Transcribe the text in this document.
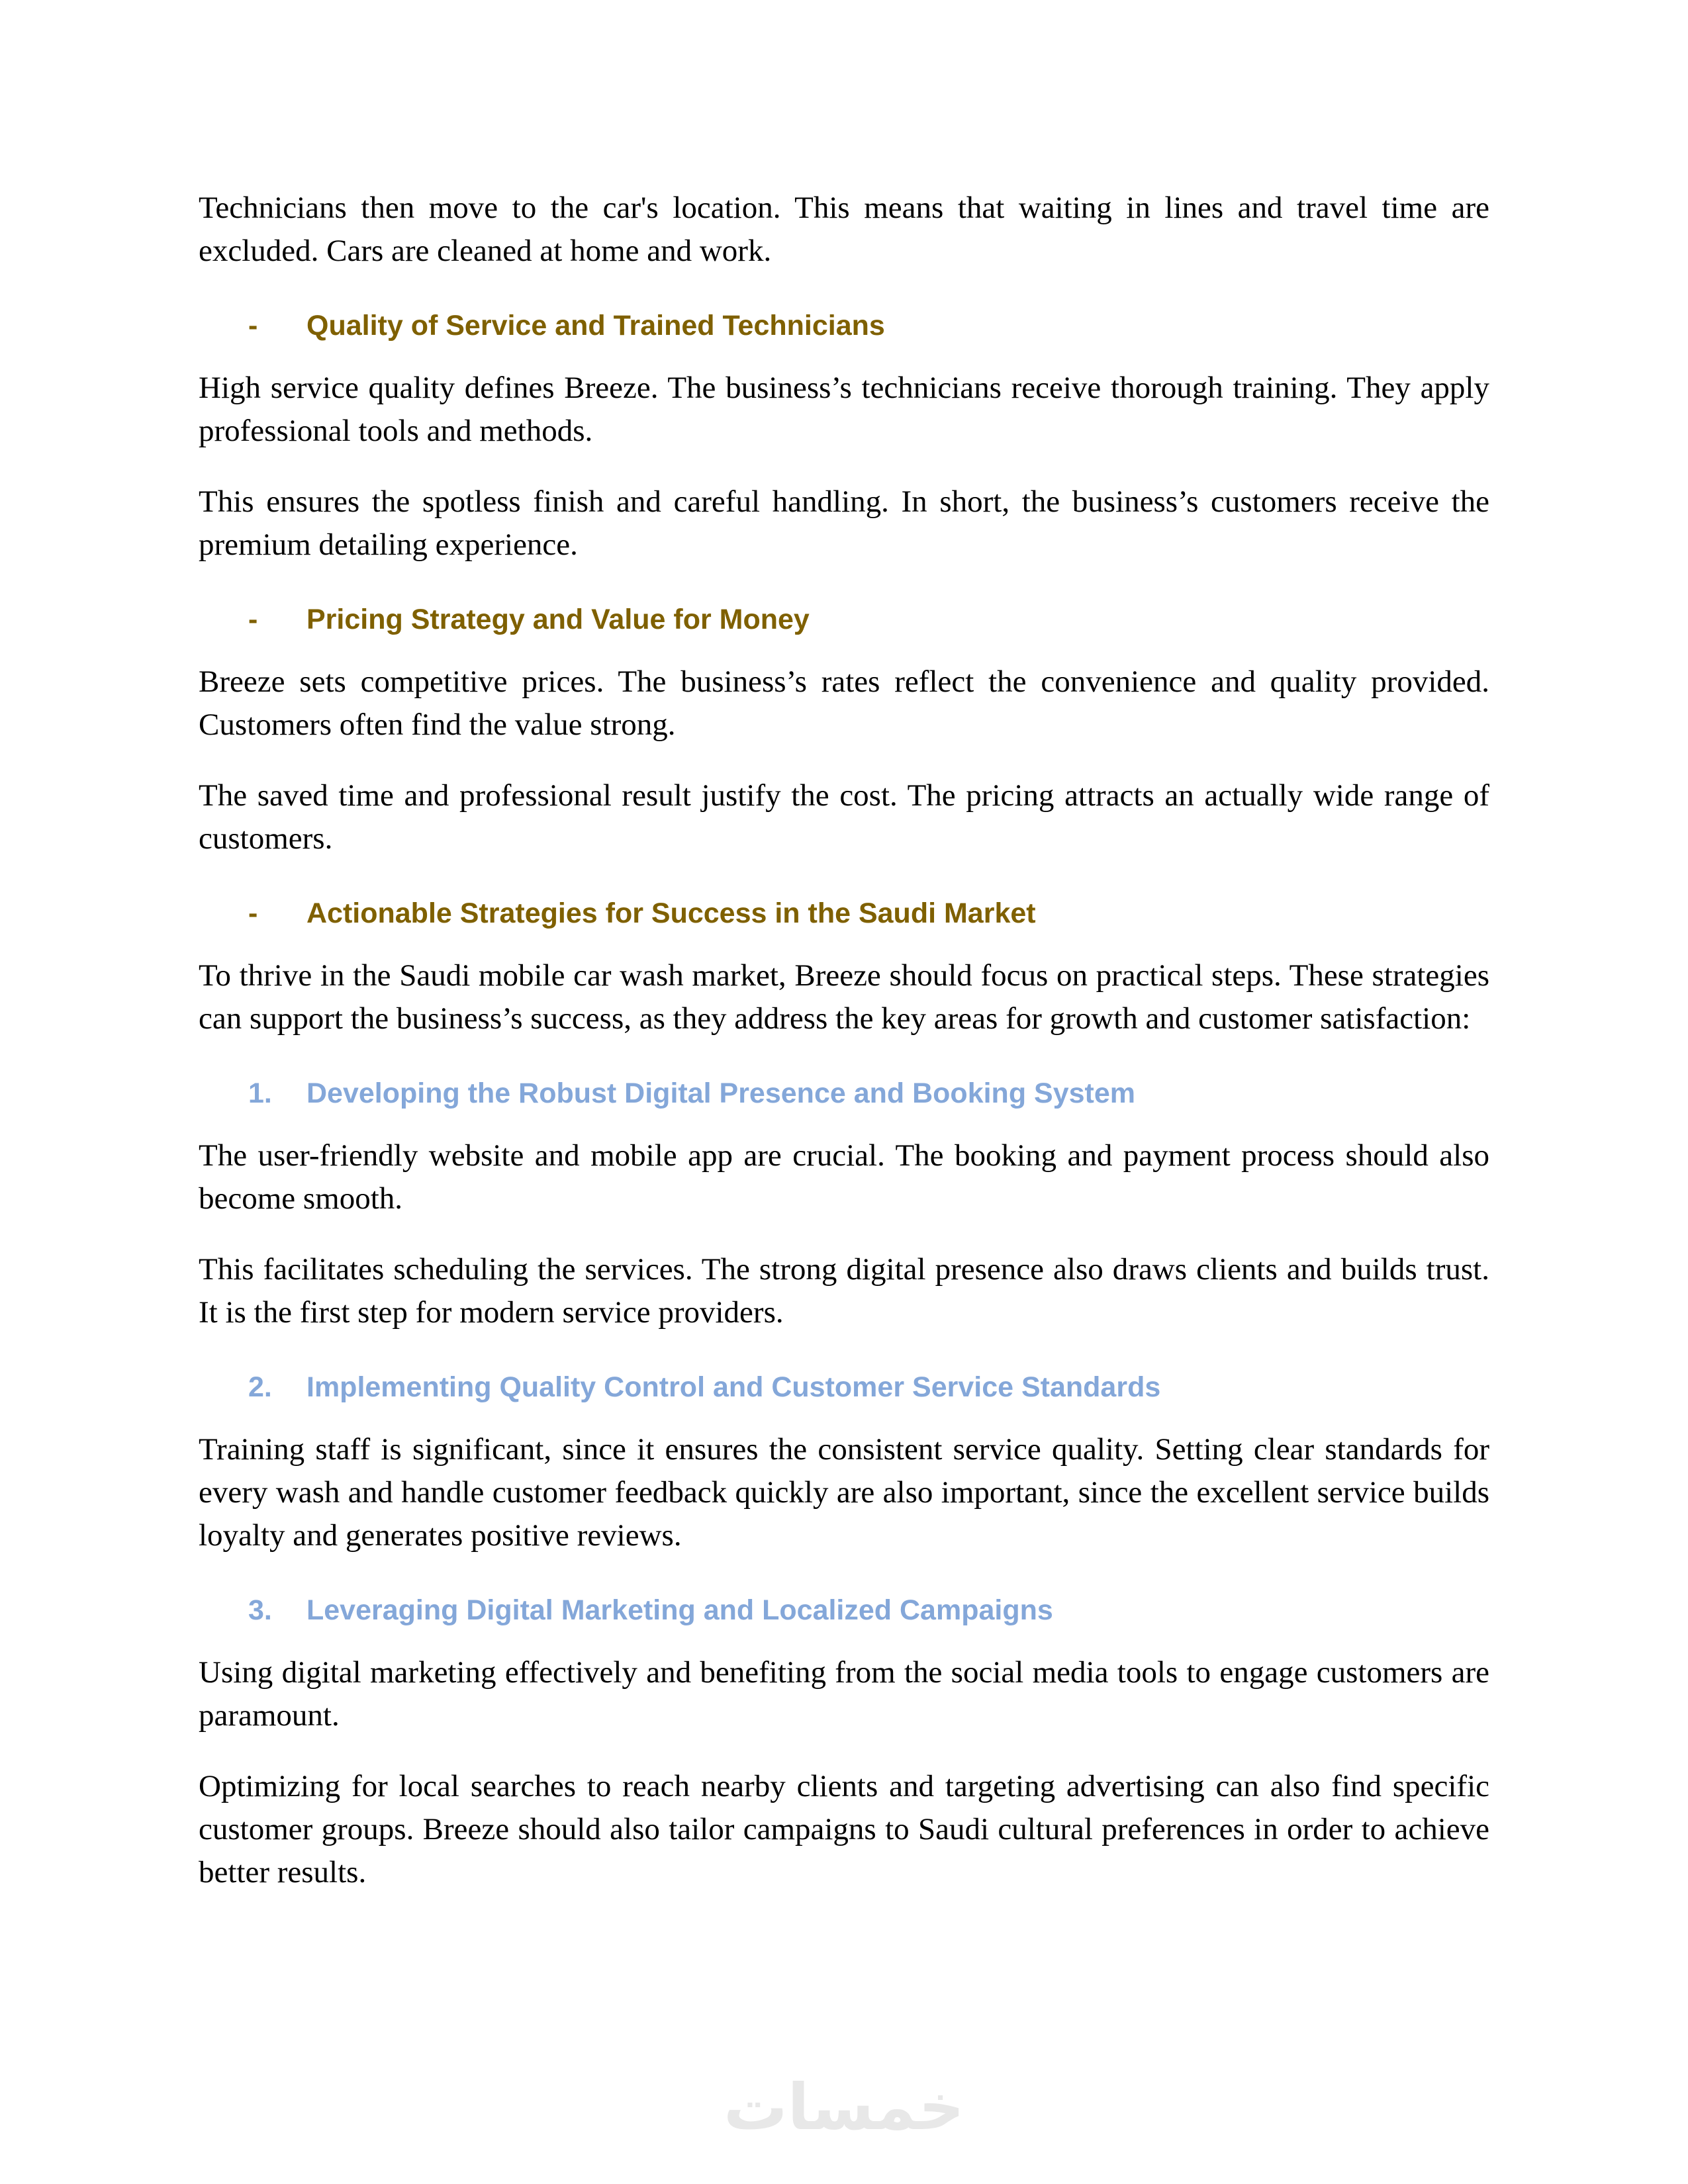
Technicians then move to the car's location. This means that waiting in lines and travel time are excluded. Cars are cleaned at home and work.

- Quality of Service and Trained Technicians

High service quality defines Breeze. The business’s technicians receive thorough training. They apply professional tools and methods.

This ensures the spotless finish and careful handling. In short, the business’s customers receive the premium detailing experience.

- Pricing Strategy and Value for Money

Breeze sets competitive prices. The business’s rates reflect the convenience and quality provided. Customers often find the value strong.

The saved time and professional result justify the cost. The pricing attracts an actually wide range of customers.

- Actionable Strategies for Success in the Saudi Market

To thrive in the Saudi mobile car wash market, Breeze should focus on practical steps. These strategies can support the business’s success, as they address the key areas for growth and customer satisfaction:

1. Developing the Robust Digital Presence and Booking System

The user-friendly website and mobile app are crucial. The booking and payment process should also become smooth.

This facilitates scheduling the services. The strong digital presence also draws clients and builds trust. It is the first step for modern service providers.

2. Implementing Quality Control and Customer Service Standards

Training staff is significant, since it ensures the consistent service quality. Setting clear standards for every wash and handle customer feedback quickly are also important, since the excellent service builds loyalty and generates positive reviews.

3. Leveraging Digital Marketing and Localized Campaigns

Using digital marketing effectively and benefiting from the social media tools to engage customers are paramount.

Optimizing for local searches to reach nearby clients and targeting advertising can also find specific customer groups. Breeze should also tailor campaigns to Saudi cultural preferences in order to achieve better results.

خمسات
